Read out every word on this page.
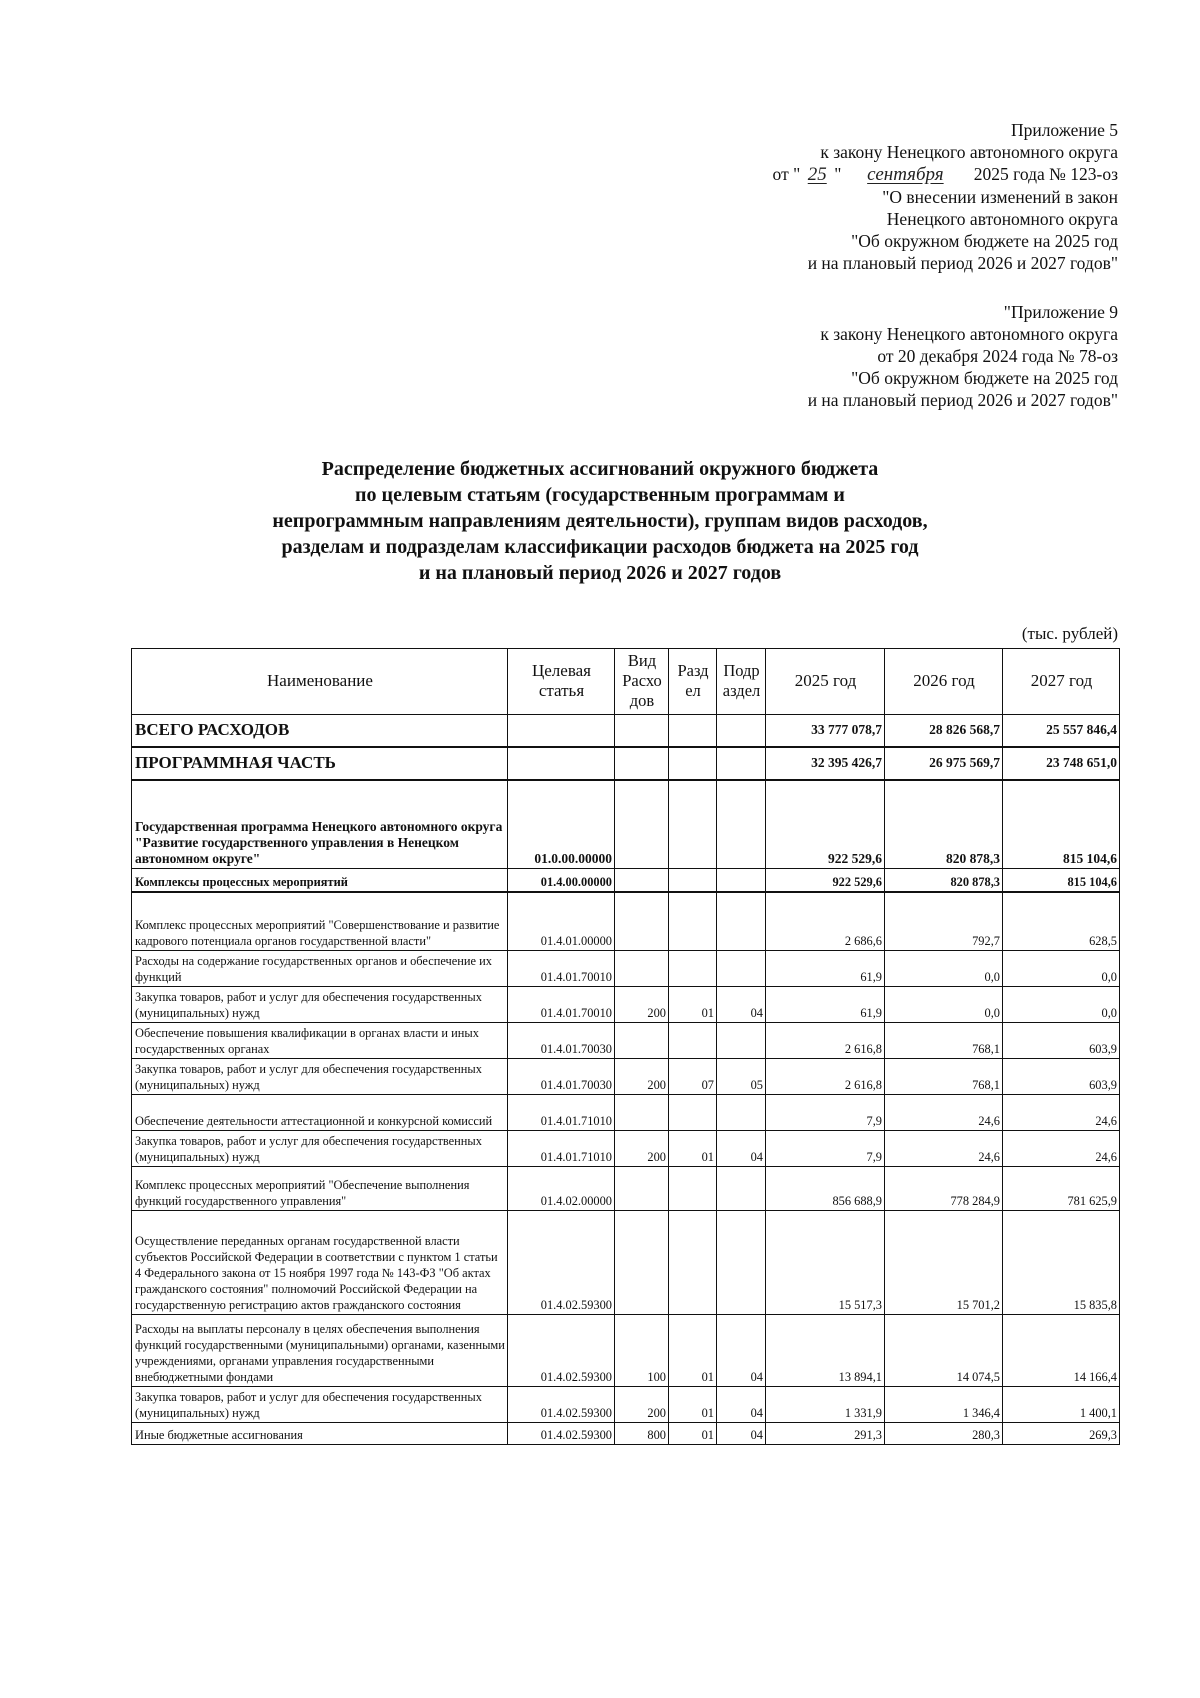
Приложение 5
к закону Ненецкого автономного округа
от " 25 " сентября 2025 года № 123-оз
"О внесении изменений в закон
Ненецкого автономного округа
"Об окружном бюджете на 2025 год
и на плановый период 2026 и 2027 годов"
"Приложение 9
к закону Ненецкого автономного округа
от 20 декабря 2024 года № 78-оз
"Об окружном бюджете на 2025 год
и на плановый период 2026 и 2027 годов"
Распределение бюджетных ассигнований окружного бюджета
по целевым статьям (государственным программам и
непрограммным направлениям деятельности), группам видов расходов,
разделам и подразделам классификации расходов бюджета на 2025 год
и на плановый период 2026 и 2027 годов
(тыс. рублей)
Наименование	Целевая статья	Вид Расхо дов	Разд ел	Подр аздел	2025 год	2026 год	2027 год
ВСЕГО РАСХОДОВ					33 777 078,7	28 826 568,7	25 557 846,4
ПРОГРАММНАЯ ЧАСТЬ					32 395 426,7	26 975 569,7	23 748 651,0
Государственная программа Ненецкого автономного округа "Развитие государственного управления в Ненецком автономном округе"	01.0.00.00000				922 529,6	820 878,3	815 104,6
Комплексы процессных мероприятий	01.4.00.00000				922 529,6	820 878,3	815 104,6
Комплекс процессных мероприятий "Совершенствование и развитие кадрового потенциала органов государственной власти"	01.4.01.00000				2 686,6	792,7	628,5
Расходы на содержание государственных органов и обеспечение их функций	01.4.01.70010				61,9	0,0	0,0
Закупка товаров, работ и услуг для обеспечения государственных (муниципальных) нужд	01.4.01.70010	200	01	04	61,9	0,0	0,0
Обеспечение повышения квалификации в органах власти и иных государственных органах	01.4.01.70030				2 616,8	768,1	603,9
Закупка товаров, работ и услуг для обеспечения государственных (муниципальных) нужд	01.4.01.70030	200	07	05	2 616,8	768,1	603,9
Обеспечение деятельности аттестационной и конкурсной комиссий	01.4.01.71010				7,9	24,6	24,6
Закупка товаров, работ и услуг для обеспечения государственных (муниципальных) нужд	01.4.01.71010	200	01	04	7,9	24,6	24,6
Комплекс процессных мероприятий "Обеспечение выполнения функций государственного управления"	01.4.02.00000				856 688,9	778 284,9	781 625,9
Осуществление переданных органам государственной власти субъектов Российской Федерации в соответствии с пунктом 1 статьи 4 Федерального закона от 15 ноября 1997 года № 143-ФЗ "Об актах гражданского состояния" полномочий Российской Федерации на государственную регистрацию актов гражданского состояния	01.4.02.59300				15 517,3	15 701,2	15 835,8
Расходы на выплаты персоналу в целях обеспечения выполнения функций государственными (муниципальными) органами, казенными учреждениями, органами управления государственными внебюджетными фондами	01.4.02.59300	100	01	04	13 894,1	14 074,5	14 166,4
Закупка товаров, работ и услуг для обеспечения государственных (муниципальных) нужд	01.4.02.59300	200	01	04	1 331,9	1 346,4	1 400,1
Иные бюджетные ассигнования	01.4.02.59300	800	01	04	291,3	280,3	269,3
